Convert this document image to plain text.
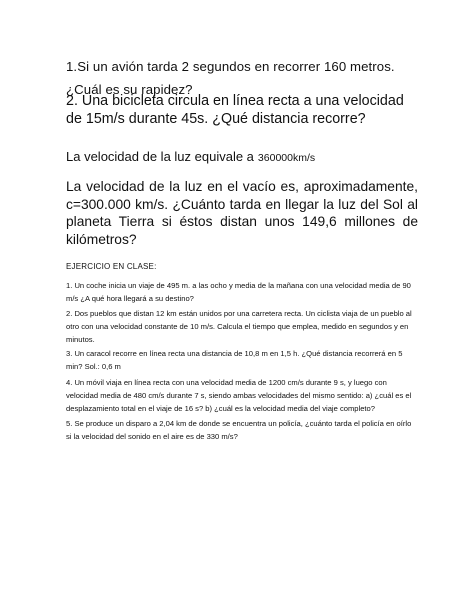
1.Si un avión tarda 2 segundos en recorrer 160 metros. ¿Cuál es su rapidez?

2. Una bicicleta circula en línea recta a una velocidad de 15m/s durante 45s. ¿Qué distancia recorre?

La velocidad de la luz equivale a 360000km/s

La velocidad de la luz en el vacío es, aproximadamente, c=300.000 km/s. ¿Cuánto tarda en llegar la luz del Sol al planeta Tierra si éstos distan unos 149,6 millones de kilómetros?

EJERCICIO EN CLASE:

1. Un coche inicia un viaje de 495 m. a las ocho y media de la mañana con una velocidad media de 90 m/s ¿A qué hora llegará a su destino?

2. Dos pueblos que distan 12 km están unidos por una carretera recta. Un ciclista viaja de un pueblo al otro con una velocidad constante de 10 m/s. Calcula el tiempo que emplea, medido en segundos y en minutos.

3. Un caracol recorre en línea recta una distancia de 10,8 m en 1,5 h. ¿Qué distancia recorrerá en 5 min? Sol.: 0,6 m

4. Un móvil viaja en línea recta con una velocidad media de 1200 cm/s durante 9 s, y luego con velocidad media de 480 cm/s durante 7 s, siendo ambas velocidades del mismo sentido: a) ¿cuál es el desplazamiento total en el viaje de 16 s? b) ¿cuál es la velocidad media del viaje completo?

5. Se produce un disparo a 2,04 km de donde se encuentra un policía, ¿cuánto tarda el policía en oírlo si la velocidad del sonido en el aire es de 330 m/s?
